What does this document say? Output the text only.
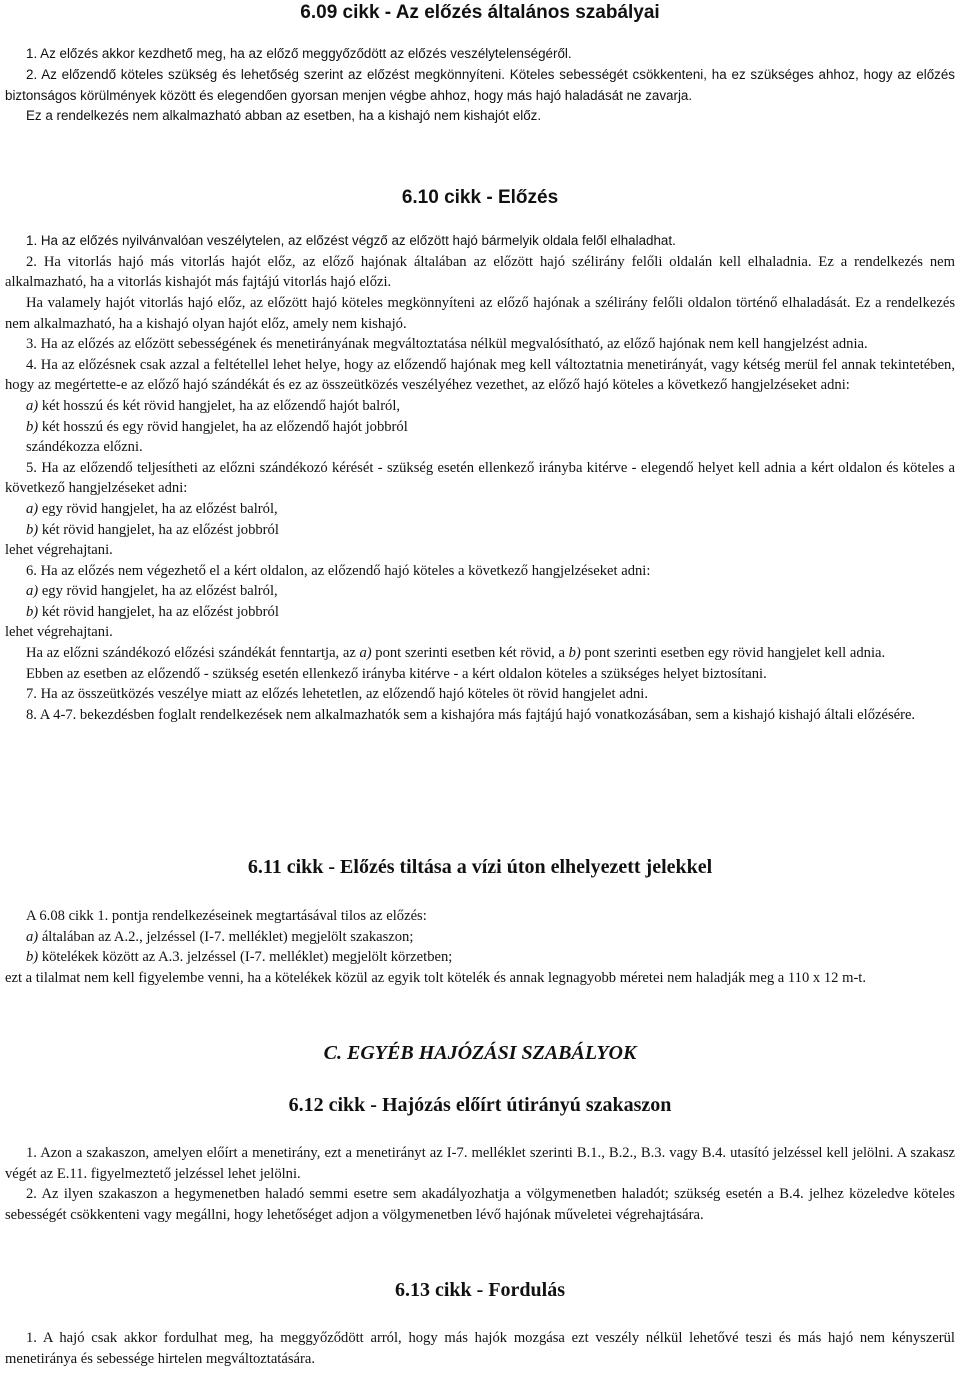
6.09 cikk - Az előzés általános szabályai

1. Az előzés akkor kezdhető meg, ha az előző meggyőződött az előzés veszélytelenségéről.

2. Az előzendő köteles szükség és lehetőség szerint az előzést megkönnyíteni. Köteles sebességét csökkenteni, ha ez szükséges ahhoz, hogy az előzés biztonságos körülmények között és elegendően gyorsan menjen végbe ahhoz, hogy más hajó haladását ne zavarja.

Ez a rendelkezés nem alkalmazható abban az esetben, ha a kishajó nem kishajót előz.

6.10 cikk - Előzés

1. Ha az előzés nyilvánvalóan veszélytelen, az előzést végző az előzött hajó bármelyik oldala felől elhaladhat.

2. Ha vitorlás hajó más vitorlás hajót előz, az előző hajónak általában az előzött hajó szélirány felőli oldalán kell elhaladnia. Ez a rendelkezés nem alkalmazható, ha a vitorlás kishajót más fajtájú vitorlás hajó előzi.

Ha valamely hajót vitorlás hajó előz, az előzött hajó köteles megkönnyíteni az előző hajónak a szélirány felőli oldalon történő elhaladását. Ez a rendelkezés nem alkalmazható, ha a kishajó olyan hajót előz, amely nem kishajó.

3. Ha az előzés az előzött sebességének és menetirányának megváltoztatása nélkül megvalósítható, az előző hajónak nem kell hangjelzést adnia.

4. Ha az előzésnek csak azzal a feltétellel lehet helye, hogy az előzendő hajónak meg kell változtatnia menetirányát, vagy kétség merül fel annak tekintetében, hogy az megértette-e az előző hajó szándékát és ez az összeütközés veszélyéhez vezethet, az előző hajó köteles a következő hangjelzéseket adni:

a) két hosszú és két rövid hangjelet, ha az előzendő hajót balról,

b) két hosszú és egy rövid hangjelet, ha az előzendő hajót jobbról

szándékozza előzni.

5. Ha az előzendő teljesítheti az előzni szándékozó kérését - szükség esetén ellenkező irányba kitérve - elegendő helyet kell adnia a kért oldalon és köteles a következő hangjelzéseket adni:

a) egy rövid hangjelet, ha az előzést balról,

b) két rövid hangjelet, ha az előzést jobbról

lehet végrehajtani.

6. Ha az előzés nem végezhető el a kért oldalon, az előzendő hajó köteles a következő hangjelzéseket adni:

a) egy rövid hangjelet, ha az előzést balról,

b) két rövid hangjelet, ha az előzést jobbról

lehet végrehajtani.

Ha az előzni szándékozó előzési szándékát fenntartja, az a) pont szerinti esetben két rövid, a b) pont szerinti esetben egy rövid hangjelet kell adnia.

Ebben az esetben az előzendő - szükség esetén ellenkező irányba kitérve - a kért oldalon köteles a szükséges helyet biztosítani.

7. Ha az összeütközés veszélye miatt az előzés lehetetlen, az előzendő hajó köteles öt rövid hangjelet adni.

8. A 4-7. bekezdésben foglalt rendelkezések nem alkalmazhatók sem a kishajóra más fajtájú hajó vonatkozásában, sem a kishajó kishajó általi előzésére.

6.11 cikk - Előzés tiltása a vízi úton elhelyezett jelekkel

A 6.08 cikk 1. pontja rendelkezéseinek megtartásával tilos az előzés:

a) általában az A.2., jelzéssel (I-7. melléklet) megjelölt szakaszon;

b) kötelékek között az A.3. jelzéssel (I-7. melléklet) megjelölt körzetben;

ezt a tilalmat nem kell figyelembe venni, ha a kötelékek közül az egyik tolt kötelék és annak legnagyobb méretei nem haladják meg a 110 x 12 m-t.

C. EGYÉB HAJÓZÁSI SZABÁLYOK
6.12 cikk - Hajózás előírt útirányú szakaszon

1. Azon a szakaszon, amelyen előírt a menetirány, ezt a menetirányt az I-7. melléklet szerinti B.1., B.2., B.3. vagy B.4. utasító jelzéssel kell jelölni. A szakasz végét az E.11. figyelmeztető jelzéssel lehet jelölni.

2. Az ilyen szakaszon a hegymenetben haladó semmi esetre sem akadályozhatja a völgymenetben haladót; szükség esetén a B.4. jelhez közeledve köteles sebességét csökkenteni vagy megállni, hogy lehetőséget adjon a völgymenetben lévő hajónak műveletei végrehajtására.

6.13 cikk - Fordulás

1. A hajó csak akkor fordulhat meg, ha meggyőződött arról, hogy más hajók mozgása ezt veszély nélkül lehetővé teszi és más hajó nem kényszerül menetiránya és sebessége hirtelen megváltoztatására.
